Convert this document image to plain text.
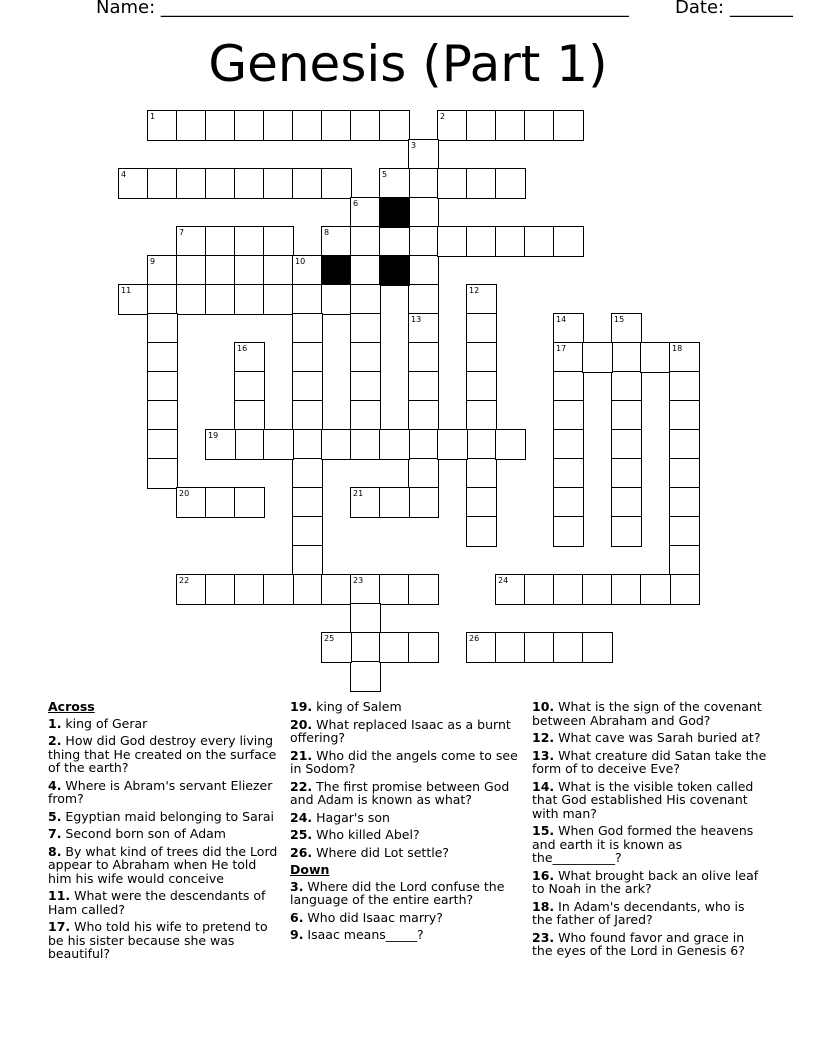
Name: ____________________________________________________	Date: _______
Genesis (Part 1)
1	2
3
4	5
6
7	8
9	10
11
13
12
16
14
17
15
18
19
20	21
22	23	24
25	26
Across
1. king of Gerar
2. How did God destroy every living thing that He created on the surface of the earth?
4. Where is Abram's servant Eliezer from?
5. Egyptian maid belonging to Sarai
7. Second born son of Adam
8. By what kind of trees did the Lord appear to Abraham when He told him his wife would conceive
11. What were the descendants of Ham called?
17. Who told his wife to pretend to be his sister because she was beautiful?
19. king of Salem
20. What replaced Isaac as a burnt offering?
21. Who did the angels come to see in Sodom?
22. The first promise between God and Adam is known as what?
24. Hagar's son
25. Who killed Abel?
26. Where did Lot settle?
Down
3. Where did the Lord confuse the language of the entire earth?
6. Who did Isaac marry?
9. Isaac means_____?
10. What is the sign of the covenant between Abraham and God?
12. What cave was Sarah buried at?
13. What creature did Satan take the form of to deceive Eve?
14. What is the visible token called that God established His covenant with man?
15. When God formed the heavens and earth it is known as the__________?
16. What brought back an olive leaf to Noah in the ark?
18. In Adam's decendants, who is the father of Jared?
23. Who found favor and grace in the eyes of the Lord in Genesis 6?
